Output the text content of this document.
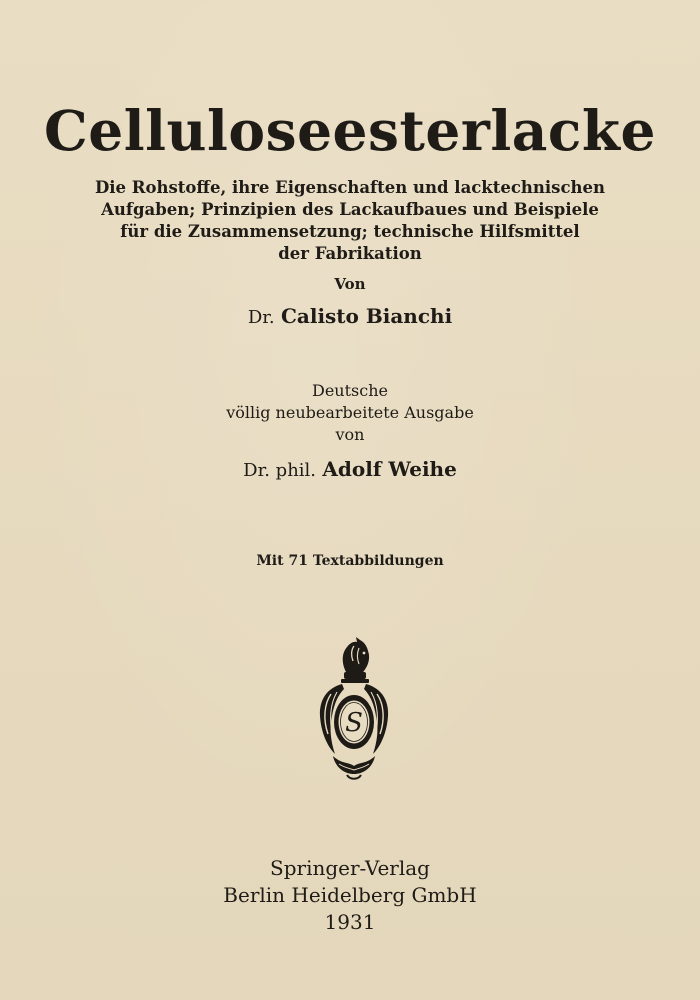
Celluloseesterlacke
Die Rohstoffe, ihre Eigenschaften und lacktechnischen
Aufgaben; Prinzipien des Lackaufbaues und Beispiele
für die Zusammensetzung; technische Hilfsmittel
der Fabrikation
Von
Dr. Calisto Bianchi
Deutsche
völlig neubearbeitete Ausgabe
von
Dr. phil. Adolf Weihe
Mit 71 Textabbildungen
S
Springer-Verlag
Berlin Heidelberg GmbH
1931
